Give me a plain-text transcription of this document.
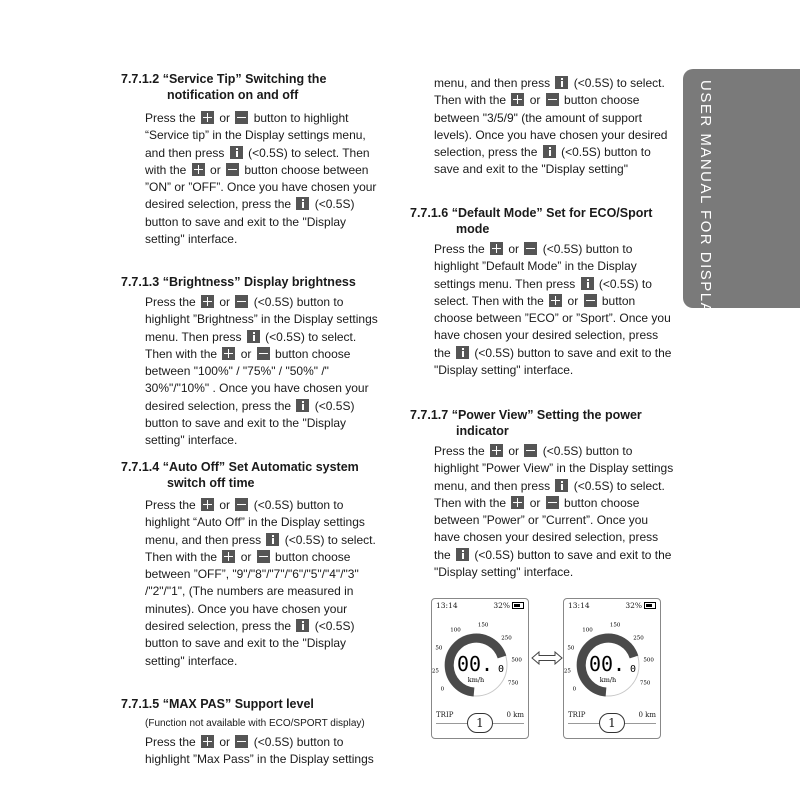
USER MANUAL FOR DISPLAY
7.7.1.2 “Service Tip” Switching the notification on and off

Press the  or  button to highlight “Service tip” in the Display settings menu, and then press  (<0.5S) to select. Then with the  or  button choose between ”ON” or ”OFF”. Once you have chosen your desired selection, press the  (<0.5S) button to save and exit to the "Display setting" interface.

7.7.1.3 “Brightness” Display brightness

Press the  or  (<0.5S) button to highlight ”Brightness” in the Display settings menu. Then press  (<0.5S) to select. Then with the  or  button choose between "100%" / "75%" / "50%" /" 30%"/"10%" . Once you have chosen your desired selection, press the  (<0.5S) button to save and exit to the "Display setting" interface.

7.7.1.4 “Auto Off” Set Automatic system switch off time

Press the  or  (<0.5S) button to highlight “Auto Off” in the Display settings menu, and then press  (<0.5S) to select. Then with the  or  button choose between ”OFF”, "9"/"8"/"7"/"6"/"5"/"4"/"3" /"2"/"1", (The numbers are measured in minutes). Once you have chosen your desired selection, press the  (<0.5S) button to save and exit to the "Display setting" interface.

7.7.1.5 “MAX PAS” Support level

(Function not available with ECO/SPORT display)

Press the  or  (<0.5S) button to highlight ”Max Pass” in the Display settings

menu, and then press  (<0.5S) to select. Then with the  or  button choose between "3/5/9" (the amount of support levels). Once you have chosen your desired selection, press the  (<0.5S) button to save and exit to the "Display setting"

7.7.1.6 “Default Mode” Set for ECO/Sport mode

Press the  or  (<0.5S) button to highlight ”Default Mode” in the Display settings menu. Then press  (<0.5S) to select. Then with the  or  button choose between ”ECO” or ”Sport”. Once you have chosen your desired selection, press the  (<0.5S) button to save and exit to the "Display setting" interface.

7.7.1.7 “Power View” Setting the power indicator

Press the  or  (<0.5S) button to highlight ”Power View” in the Display settings menu, and then press  (<0.5S) to select. Then with the  or  button choose between ”Power” or ”Current”. Once you have chosen your desired selection, press the  (<0.5S) button to save and exit to the "Display setting" interface.

13:14	32%
0
25
50
100
150
250
500
750
00. 0
km/h
TRIP	0 km
1
13:14	32%
0
25
50
100
150
250
500
750
00. 0
km/h
TRIP	0 km
1
